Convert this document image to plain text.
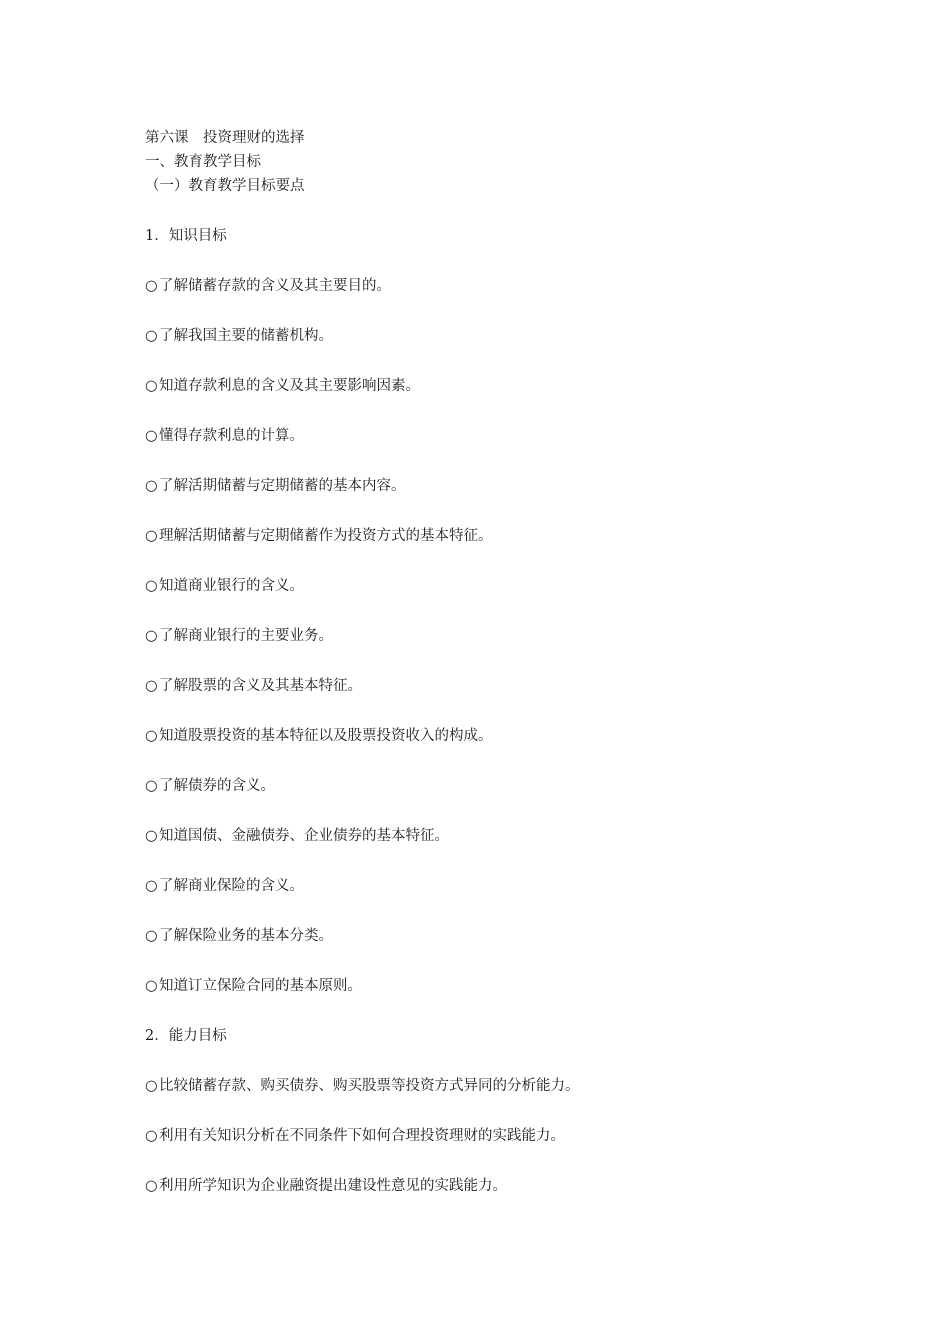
第六课　投资理财的选择
一、教育教学目标
（一）教育教学目标要点
1．知识目标
○了解储蓄存款的含义及其主要目的。
○了解我国主要的储蓄机构。
○知道存款利息的含义及其主要影响因素。
○懂得存款利息的计算。
○了解活期储蓄与定期储蓄的基本内容。
○理解活期储蓄与定期储蓄作为投资方式的基本特征。
○知道商业银行的含义。
○了解商业银行的主要业务。
○了解股票的含义及其基本特征。
○知道股票投资的基本特征以及股票投资收入的构成。
○了解债券的含义。
○知道国债、金融债券、企业债券的基本特征。
○了解商业保险的含义。
○了解保险业务的基本分类。
○知道订立保险合同的基本原则。
2．能力目标
○比较储蓄存款、购买债券、购买股票等投资方式异同的分析能力。
○利用有关知识分析在不同条件下如何合理投资理财的实践能力。
○利用所学知识为企业融资提出建设性意见的实践能力。
